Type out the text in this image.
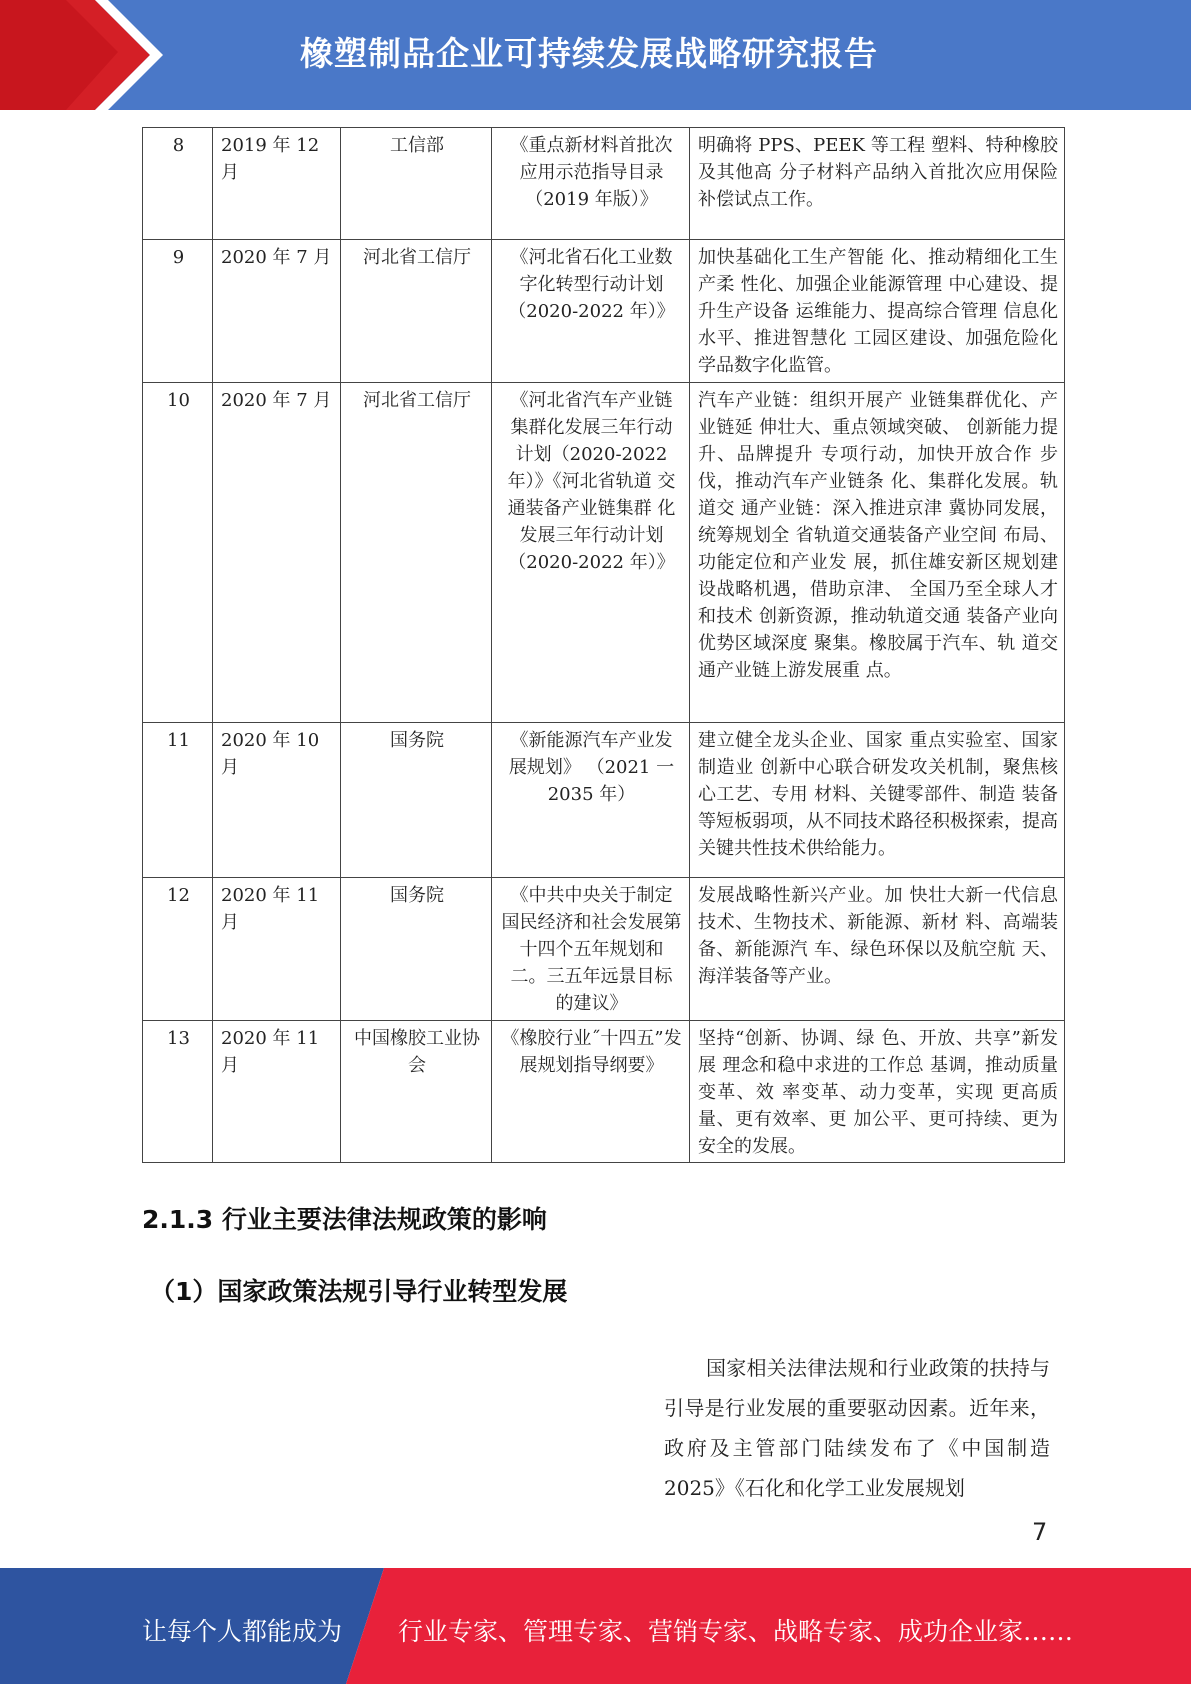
橡塑制品企业可持续发展战略研究报告
8	2019 年 12 月	工信部	《重点新材料首批次 应用示范指导目录 （2019 年版）》	明确将 PPS、PEEK 等工程 塑料、特种橡胶及其他高 分子材料产品纳入首批次应用保险补偿试点工作。
9	2020 年 7 月	河北省工信厅	《河北省石化工业数 字化转型行动计划 （2020-2022 年）》	加快基础化工生产智能 化、推动精细化工生产柔 性化、加强企业能源管理 中心建设、提升生产设备 运维能力、提高综合管理 信息化水平、推进智慧化 工园区建设、加强危险化 学品数字化监管。
10	2020 年 7 月	河北省工信厅	《河北省汽车产业链 集群化发展三年行动 计划（2020-2022 年）》《河北省轨道 交通装备产业链集群 化发展三年行动计划（2020-2022 年）》	汽车产业链：组织开展产 业链集群优化、产业链延 伸壮大、重点领域突破、 创新能力提升、品牌提升 专项行动，加快开放合作 步伐，推动汽车产业链条 化、集群化发展。轨道交 通产业链：深入推进京津 冀协同发展，统筹规划全 省轨道交通装备产业空间 布局、功能定位和产业发 展，抓住雄安新区规划建 设战略机遇，借助京津、 全国乃至全球人才和技术 创新资源，推动轨道交通 装备产业向优势区域深度 聚集。橡胶属于汽车、轨 道交通产业链上游发展重 点。
11	2020 年 10 月	国务院	《新能源汽车产业发 展规划》 （2021 一 2035 年）	建立健全龙头企业、国家 重点实验室、国家制造业 创新中心联合研发攻关机制，聚焦核心工艺、专用 材料、关键零部件、制造 装备等短板弱项，从不同技术路径积极探索，提高 关键共性技术供给能力。
12	2020 年 11 月	国务院	《中共中央关于制定 国民经济和社会发展第十四个五年规划和 二。三五年远景目标 的建议》	发展战略性新兴产业。加 快壮大新一代信息技术、生物技术、新能源、新材 料、高端装备、新能源汽 车、绿色环保以及航空航 天、海洋装备等产业。
13	2020 年 11 月	中国橡胶工业协 会	《橡胶行业˝十四五”发 展规划指导纲要》	坚持“创新、协调、绿 色、开放、共享”新发展 理念和稳中求进的工作总 基调，推动质量变革、效 率变革、动力变革，实现 更高质量、更有效率、更 加公平、更可持续、更为 安全的发展。
2.1.3 行业主要法律法规政策的影响
（1）国家政策法规引导行业转型发展
国家相关法律法规和行业政策的扶持与引导是行业发展的重要驱动因素。近年来，政府及主管部门陆续发布了《中国制造 2025》《石化和化学工业发展规划
7
让每个人都能成为 行业专家、管理专家、营销专家、战略专家、成功企业家……
